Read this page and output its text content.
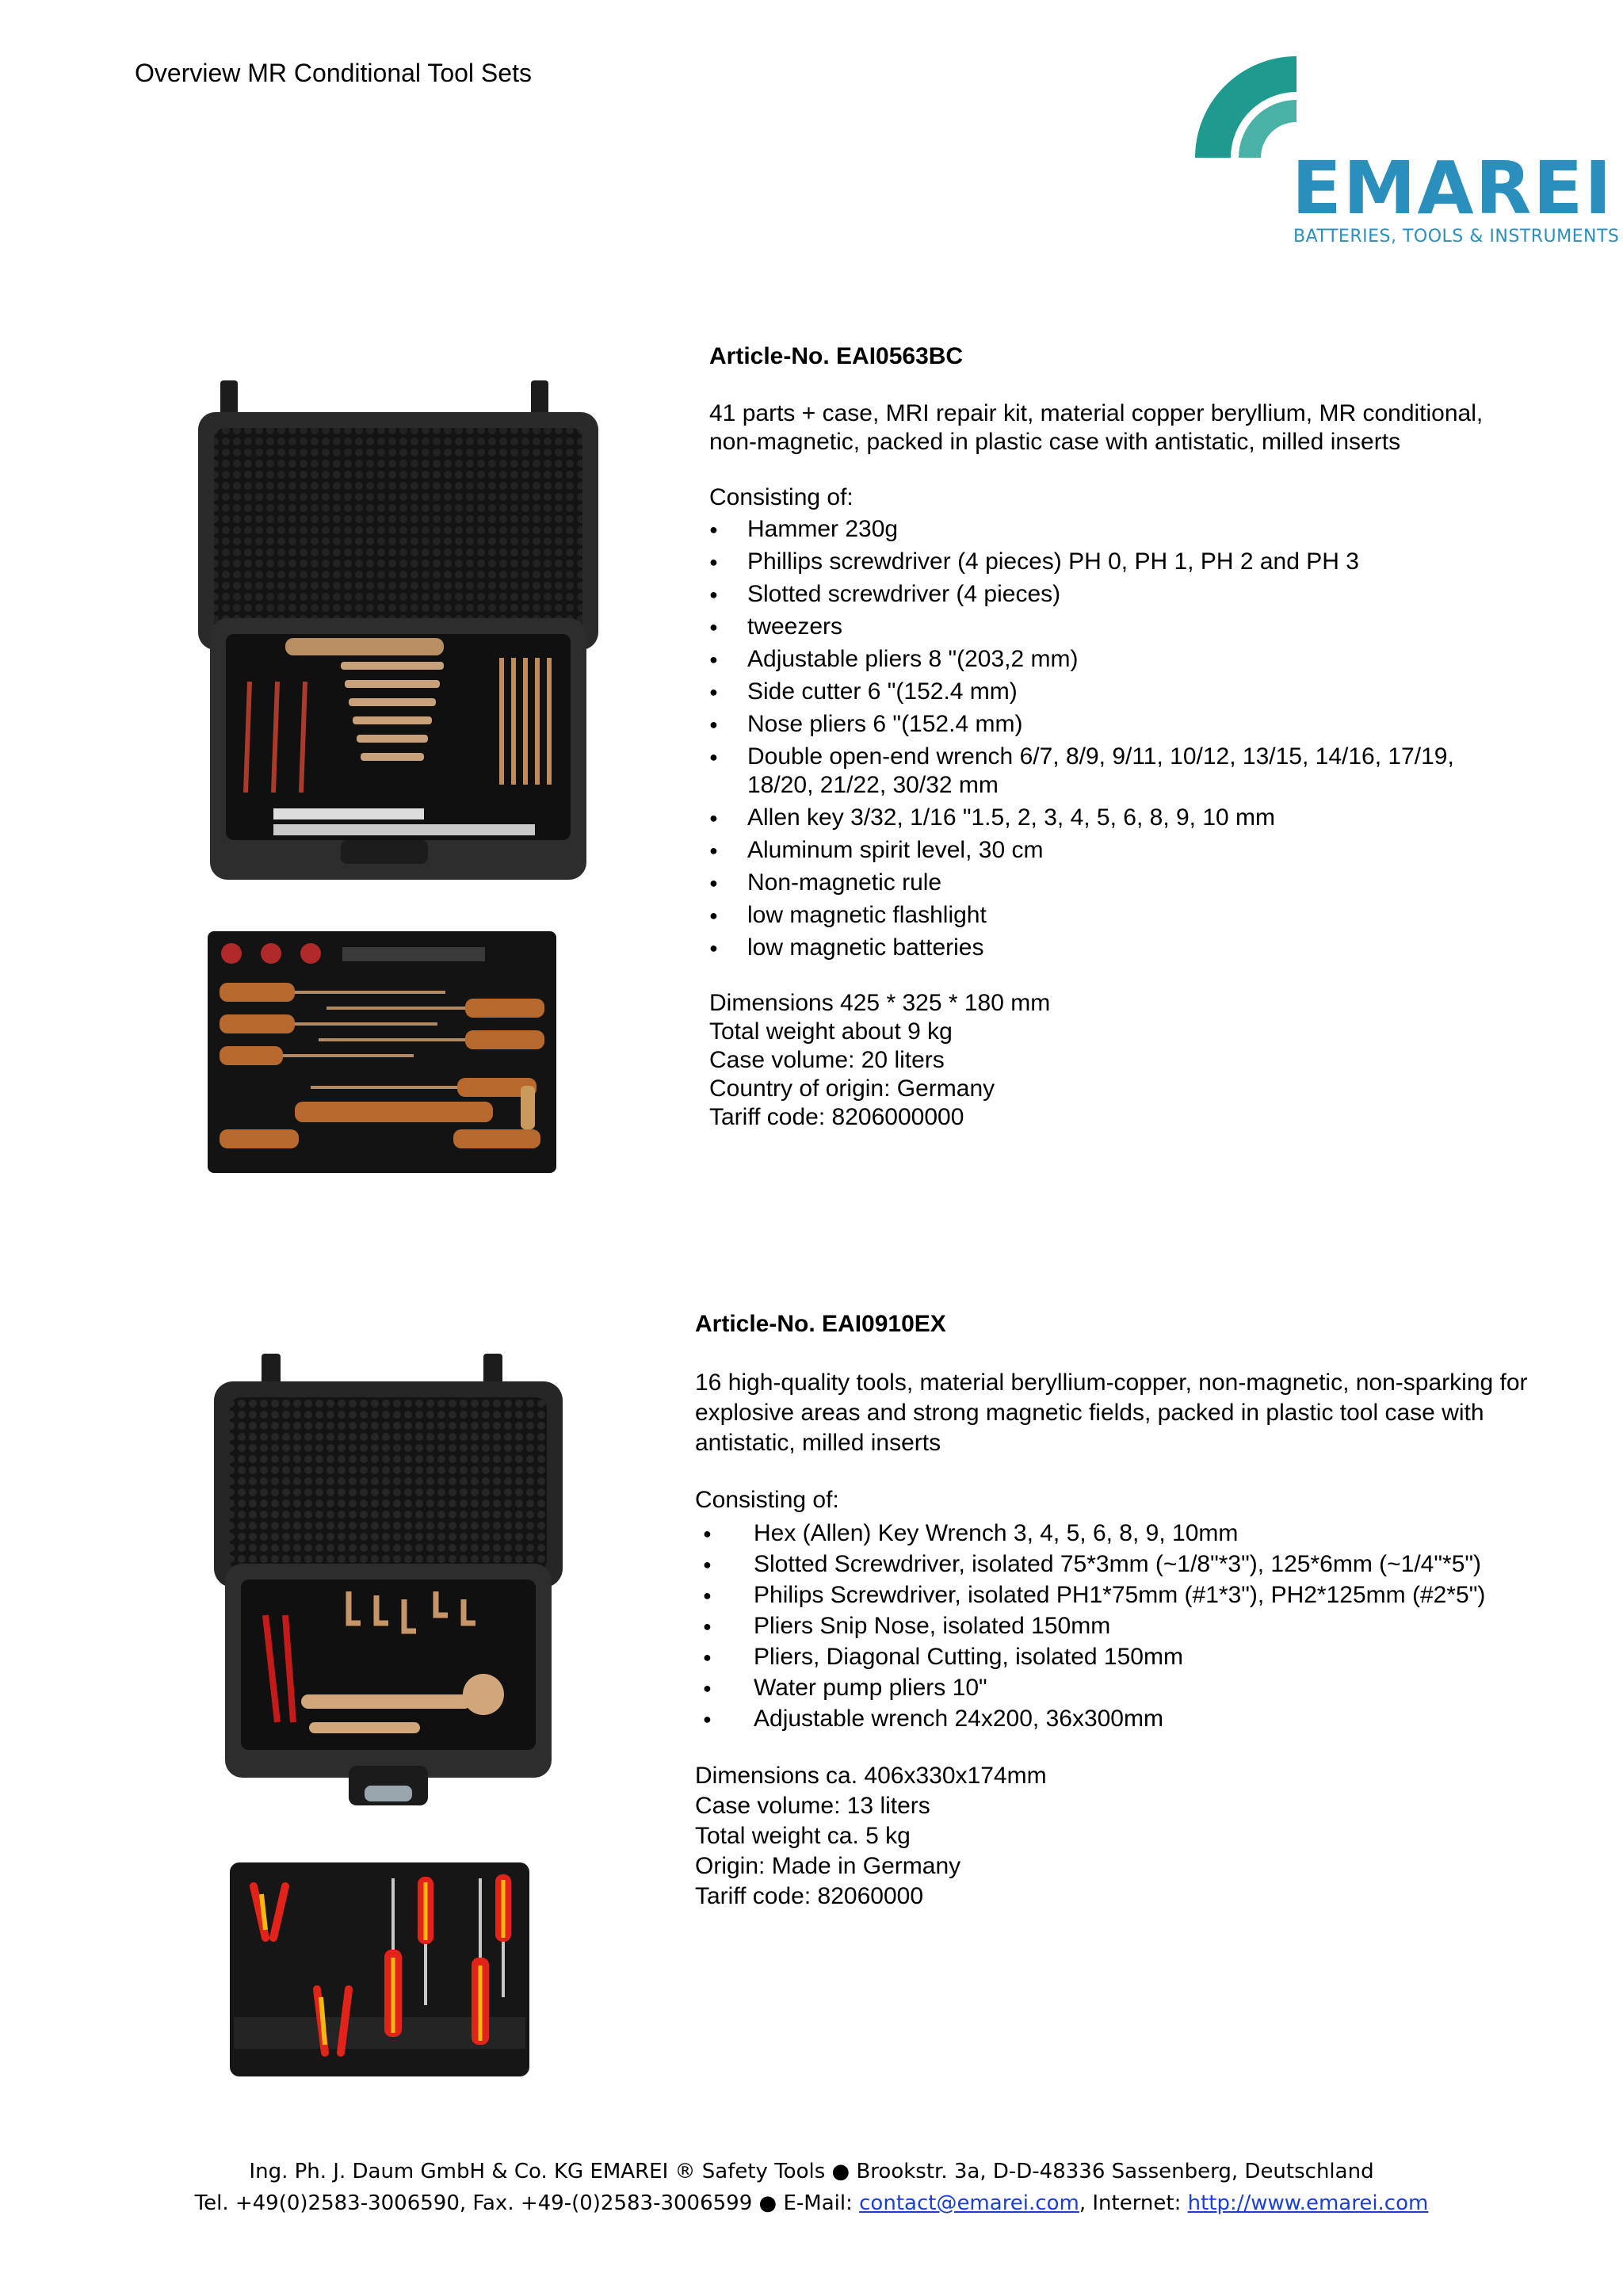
Overview MR Conditional Tool Sets
EMAREI
BATTERIES, TOOLS & INSTRUMENTS

Article-No. EAI0563BC

41 parts + case, MRI repair kit, material copper beryllium, MR conditional, non-magnetic, packed in plastic case with antistatic, milled inserts

Consisting of:

● Hammer 230g
● Phillips screwdriver (4 pieces) PH 0, PH 1, PH 2 and PH 3
● Slotted screwdriver (4 pieces)
● tweezers
● Adjustable pliers 8 "(203,2 mm)
● Side cutter 6 "(152.4 mm)
● Nose pliers 6 "(152.4 mm)
● Double open-end wrench 6/7, 8/9, 9/11, 10/12, 13/15, 14/16, 17/19, 18/20, 21/22, 30/32 mm
● Allen key 3/32, 1/16 "1.5, 2, 3, 4, 5, 6, 8, 9, 10 mm
● Aluminum spirit level, 30 cm
● Non-magnetic rule
● low magnetic flashlight
● low magnetic batteries

Dimensions 425 * 325 * 180 mm

Total weight about 9 kg

Case volume: 20 liters

Country of origin: Germany

Tariff code: 8206000000

Article-No. EAI0910EX

16 high-quality tools, material beryllium-copper, non-magnetic, non-sparking for explosive areas and strong magnetic fields, packed in plastic tool case with antistatic, milled inserts

Consisting of:

● Hex (Allen) Key Wrench 3, 4, 5, 6, 8, 9, 10mm
● Slotted Screwdriver, isolated 75*3mm (~1/8"*3"), 125*6mm (~1/4"*5")
● Philips Screwdriver, isolated PH1*75mm (#1*3"), PH2*125mm (#2*5")
● Pliers Snip Nose, isolated 150mm
● Pliers, Diagonal Cutting, isolated 150mm
● Water pump pliers 10"
● Adjustable wrench 24x200, 36x300mm

Dimensions ca. 406x330x174mm

Case volume: 13 liters

Total weight ca. 5 kg

Origin: Made in Germany

Tariff code: 82060000

Ing. Ph. J. Daum GmbH & Co. KG EMAREI ® Safety Tools ● Brookstr. 3a, D-D-48336 Sassenberg, Deutschland
Tel. +49(0)2583-3006590, Fax. +49-(0)2583-3006599 ● E-Mail: contact@emarei.com, Internet: http://www.emarei.com
